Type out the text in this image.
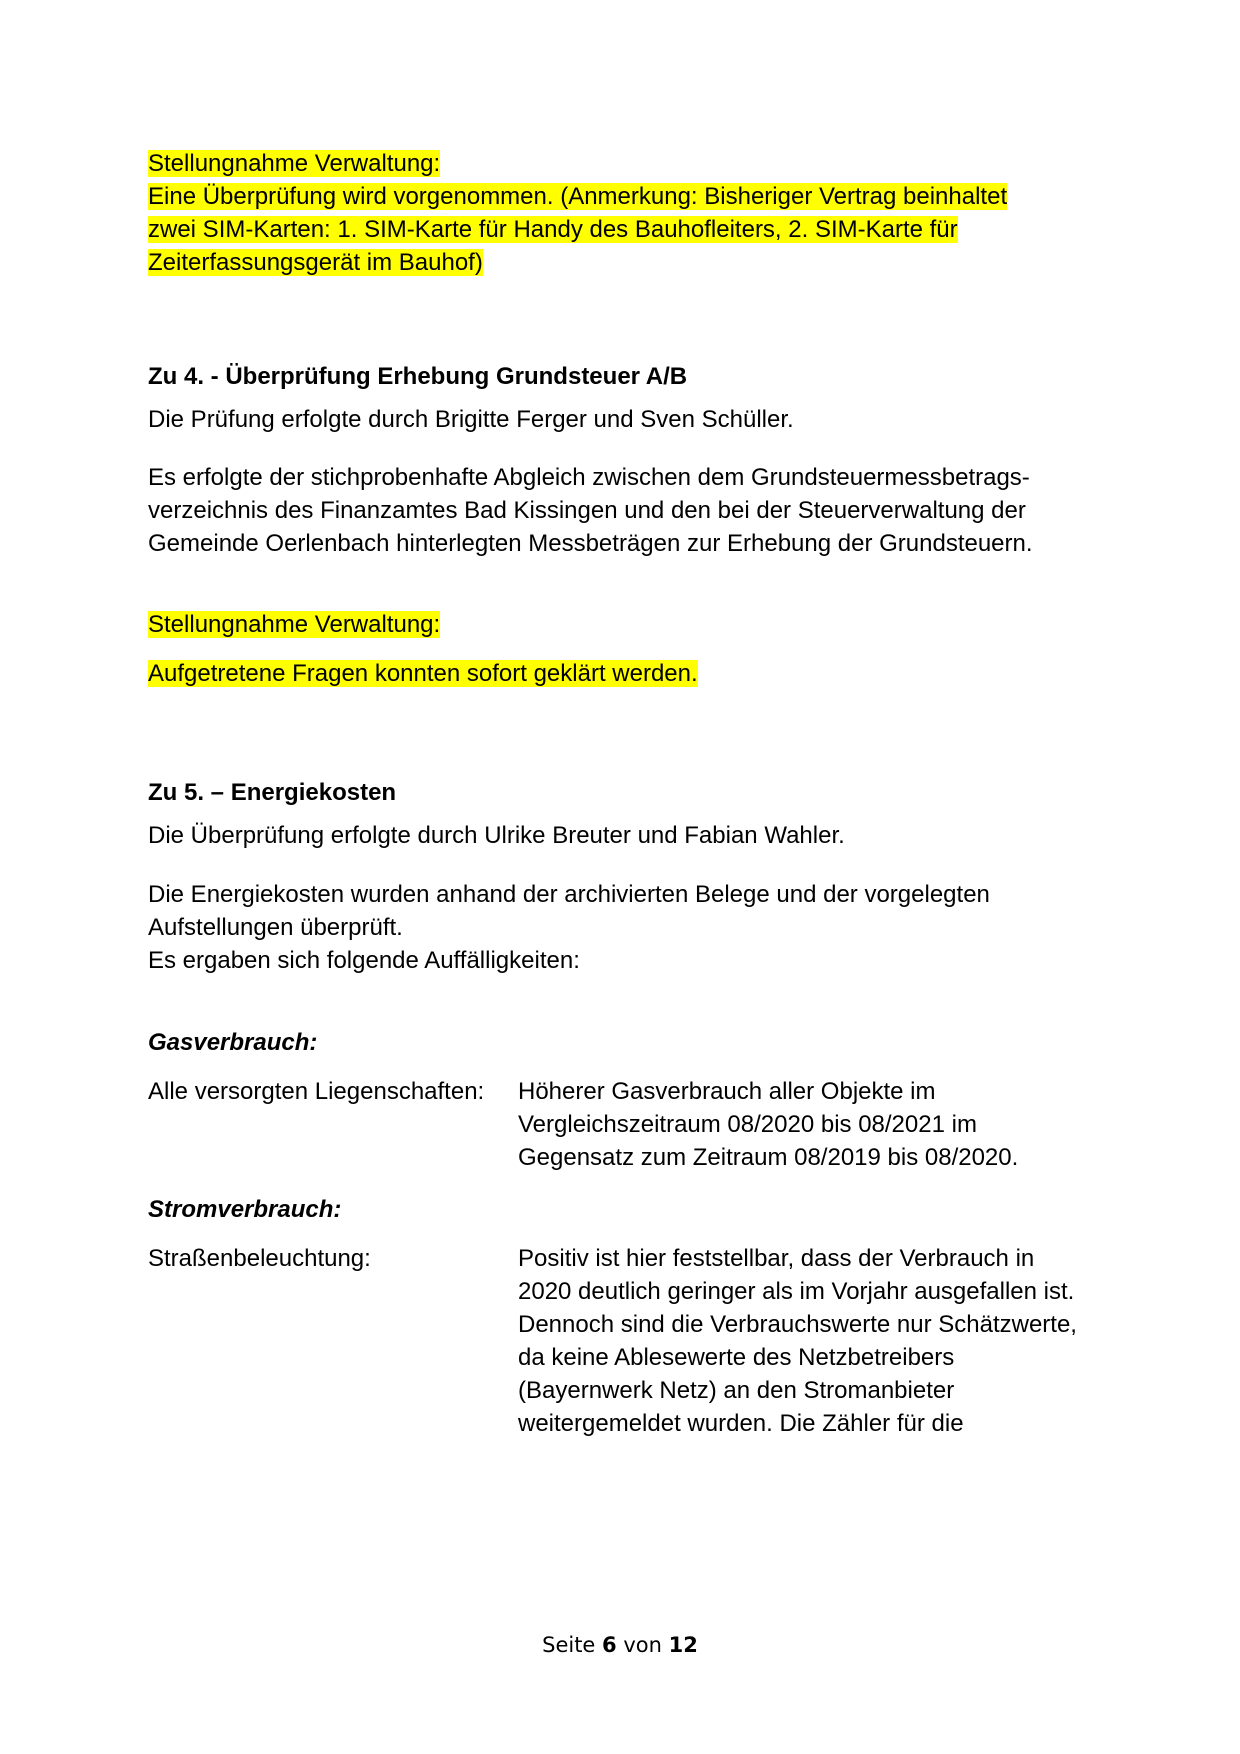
Stellungnahme Verwaltung:
Eine Überprüfung wird vorgenommen. (Anmerkung: Bisheriger Vertrag beinhaltet
zwei SIM-Karten: 1. SIM-Karte für Handy des Bauhofleiters, 2. SIM-Karte für
Zeiterfassungsgerät im Bauhof)
Zu 4. - Überprüfung Erhebung Grundsteuer A/B
Die Prüfung erfolgte durch Brigitte Ferger und Sven Schüller.
Es erfolgte der stichprobenhafte Abgleich zwischen dem Grundsteuermessbetrags-
verzeichnis des Finanzamtes Bad Kissingen und den bei der Steuerverwaltung der
Gemeinde Oerlenbach hinterlegten Messbeträgen zur Erhebung der Grundsteuern.
Stellungnahme Verwaltung:
Aufgetretene Fragen konnten sofort geklärt werden.
Zu 5. – Energiekosten
Die Überprüfung erfolgte durch Ulrike Breuter und Fabian Wahler.
Die Energiekosten wurden anhand der archivierten Belege und der vorgelegten
Aufstellungen überprüft.
Es ergaben sich folgende Auffälligkeiten:
Gasverbrauch:
Alle versorgten Liegenschaften:	Höherer Gasverbrauch aller Objekte im
Vergleichszeitraum 08/2020 bis 08/2021 im
Gegensatz zum Zeitraum 08/2019 bis 08/2020.
Stromverbrauch:
Straßenbeleuchtung:	Positiv ist hier feststellbar, dass der Verbrauch in
2020 deutlich geringer als im Vorjahr ausgefallen ist.
Dennoch sind die Verbrauchswerte nur Schätzwerte,
da keine Ablesewerte des Netzbetreibers
(Bayernwerk Netz) an den Stromanbieter
weitergemeldet wurden. Die Zähler für die
Seite 6 von 12
